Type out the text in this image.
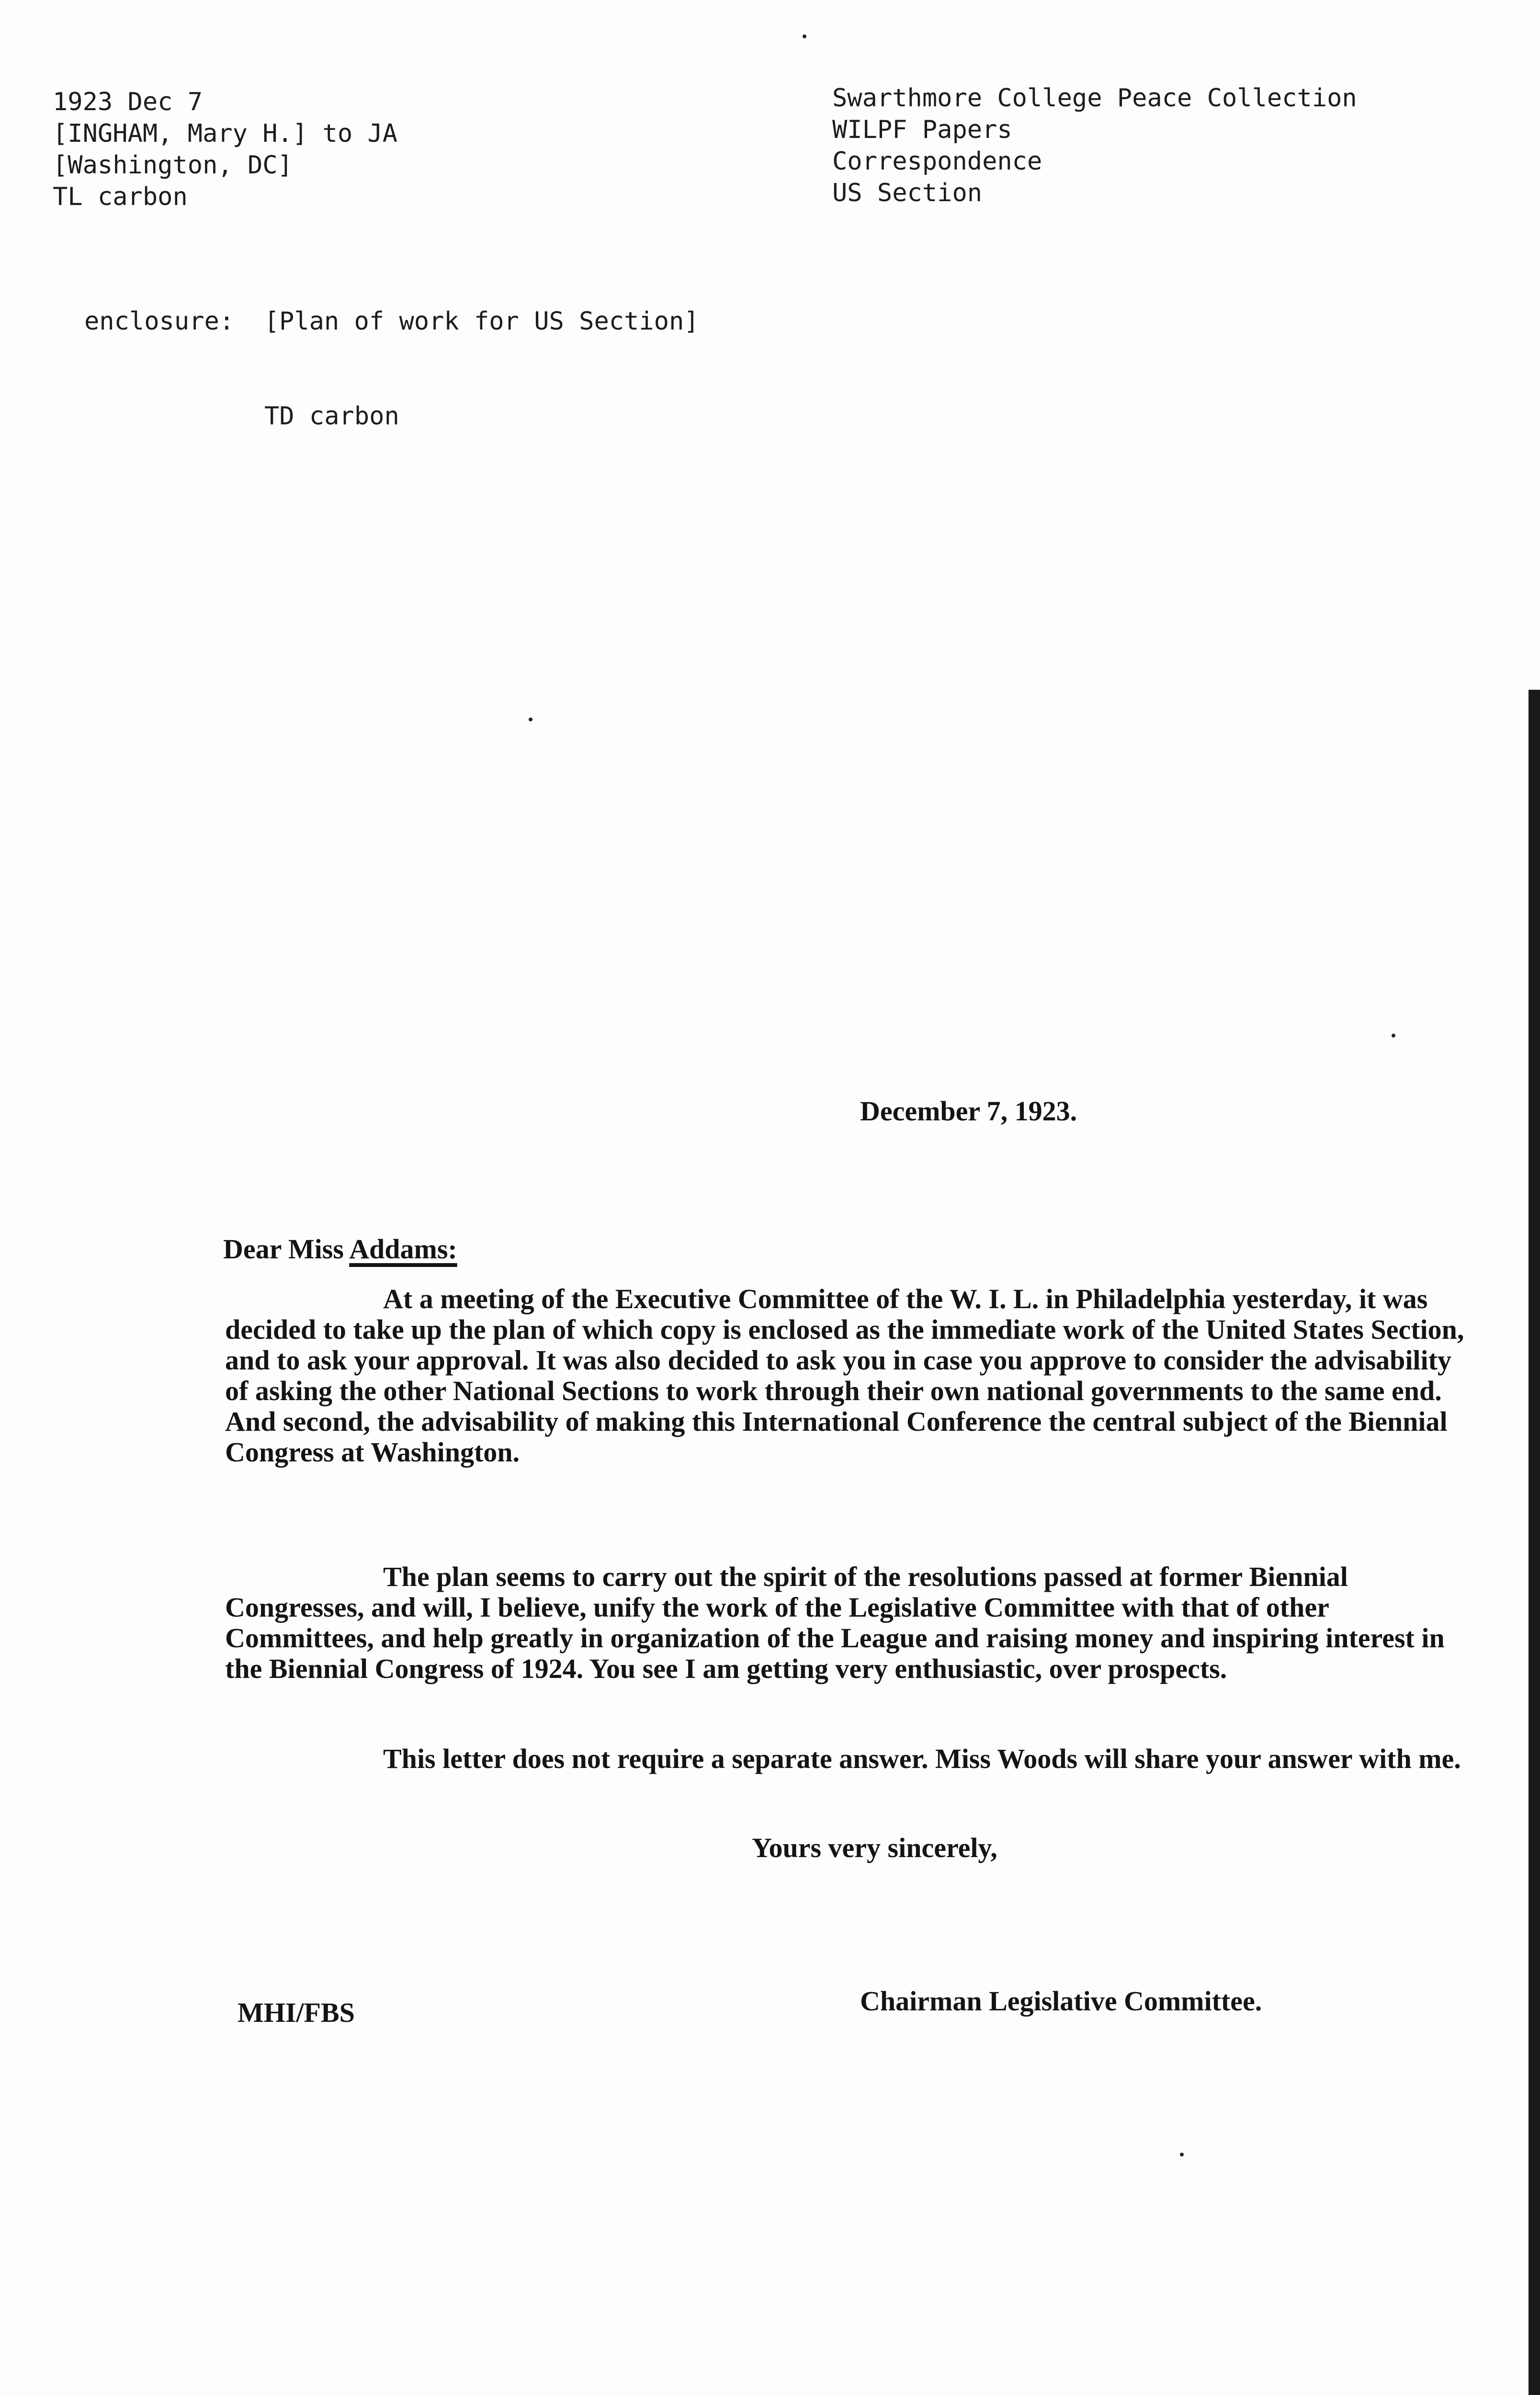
1923 Dec 7
[INGHAM, Mary H.] to JA
[Washington, DC]
TL carbon
Swarthmore College Peace Collection
WILPF Papers
Correspondence
US Section

enclosure: [Plan of work for US Section]

TD carbon

December 7, 1923.
Dear Miss Addams:
At a meeting of the Executive Committee of the W. I. L. in Philadelphia yesterday, it was decided to take up the plan of which copy is enclosed as the immediate work of the United States Section, and to ask your approval. It was also decided to ask you in case you approve to consider the advisability of asking the other National Sections to work through their own national governments to the same end. And second, the advisability of making this International Conference the central subject of the Biennial Congress at Washington.
The plan seems to carry out the spirit of the resolutions passed at former Biennial Congresses, and will, I believe, unify the work of the Legislative Committee with that of other Committees, and help greatly in organization of the League and raising money and inspiring interest in the Biennial Congress of 1924. You see I am getting very enthusiastic, over prospects.
This letter does not require a separate answer. Miss Woods will share your answer with me.
Yours very sincerely,
MHI/FBS	Chairman Legislative Committee.
